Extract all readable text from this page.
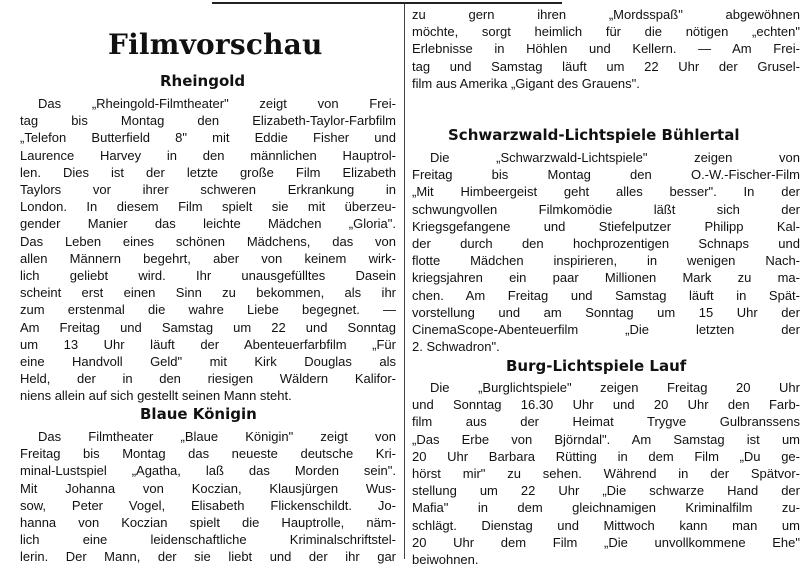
Filmvorschau
Rheingold
Das „Rheingold-Filmtheater" zeigt von Frei-
tag bis Montag den Elizabeth-Taylor-Farbfilm
„Telefon Butterfield 8" mit Eddie Fisher und
Laurence Harvey in den männlichen Hauptrol-
len. Dies ist der letzte große Film Elizabeth
Taylors vor ihrer schweren Erkrankung in
London. In diesem Film spielt sie mit überzeu-
gender Manier das leichte Mädchen „Gloria".
Das Leben eines schönen Mädchens, das von
allen Männern begehrt, aber von keinem wirk-
lich geliebt wird. Ihr unausgefülltes Dasein
scheint erst einen Sinn zu bekommen, als ihr
zum erstenmal die wahre Liebe begegnet. —
Am Freitag und Samstag um 22 und Sonntag
um 13 Uhr läuft der Abenteuerfarbfilm „Für
eine Handvoll Geld" mit Kirk Douglas als
Held, der in den riesigen Wäldern Kalifor-
niens allein auf sich gestellt seinen Mann steht.
Blaue Königin
Das Filmtheater „Blaue Königin" zeigt von
Freitag bis Montag das neueste deutsche Kri-
minal-Lustspiel „Agatha, laß das Morden sein".
Mit Johanna von Koczian, Klausjürgen Wus-
sow, Peter Vogel, Elisabeth Flickenschildt. Jo-
hanna von Koczian spielt die Hauptrolle, näm-
lich eine leidenschaftliche Kriminalschriftstel-
lerin. Der Mann, der sie liebt und der ihr gar
zu gern ihren „Mordsspaß" abgewöhnen
möchte, sorgt heimlich für die nötigen „echten"
Erlebnisse in Höhlen und Kellern. — Am Frei-
tag und Samstag läuft um 22 Uhr der Grusel-
film aus Amerika „Gigant des Grauens".
Schwarzwald-Lichtspiele Bühlertal
Die „Schwarzwald-Lichtspiele" zeigen von
Freitag bis Montag den O.-W.-Fischer-Film
„Mit Himbeergeist geht alles besser". In der
schwungvollen Filmkomödie läßt sich der
Kriegsgefangene und Stiefelputzer Philipp Kal-
der durch den hochprozentigen Schnaps und
flotte Mädchen inspirieren, in wenigen Nach-
kriegsjahren ein paar Millionen Mark zu ma-
chen. Am Freitag und Samstag läuft in Spät-
vorstellung und am Sonntag um 15 Uhr der
CinemaScope-Abenteuerfilm „Die letzten der
2. Schwadron".
Burg-Lichtspiele Lauf
Die „Burglichtspiele" zeigen Freitag 20 Uhr
und Sonntag 16.30 Uhr und 20 Uhr den Farb-
film aus der Heimat Trygve Gulbranssens
„Das Erbe von Björndal". Am Samstag ist um
20 Uhr Barbara Rütting in dem Film „Du ge-
hörst mir" zu sehen. Während in der Spätvor-
stellung um 22 Uhr „Die schwarze Hand der
Mafia" in dem gleichnamigen Kriminalfilm zu-
schlägt. Dienstag und Mittwoch kann man um
20 Uhr dem Film „Die unvollkommene Ehe"
beiwohnen.
